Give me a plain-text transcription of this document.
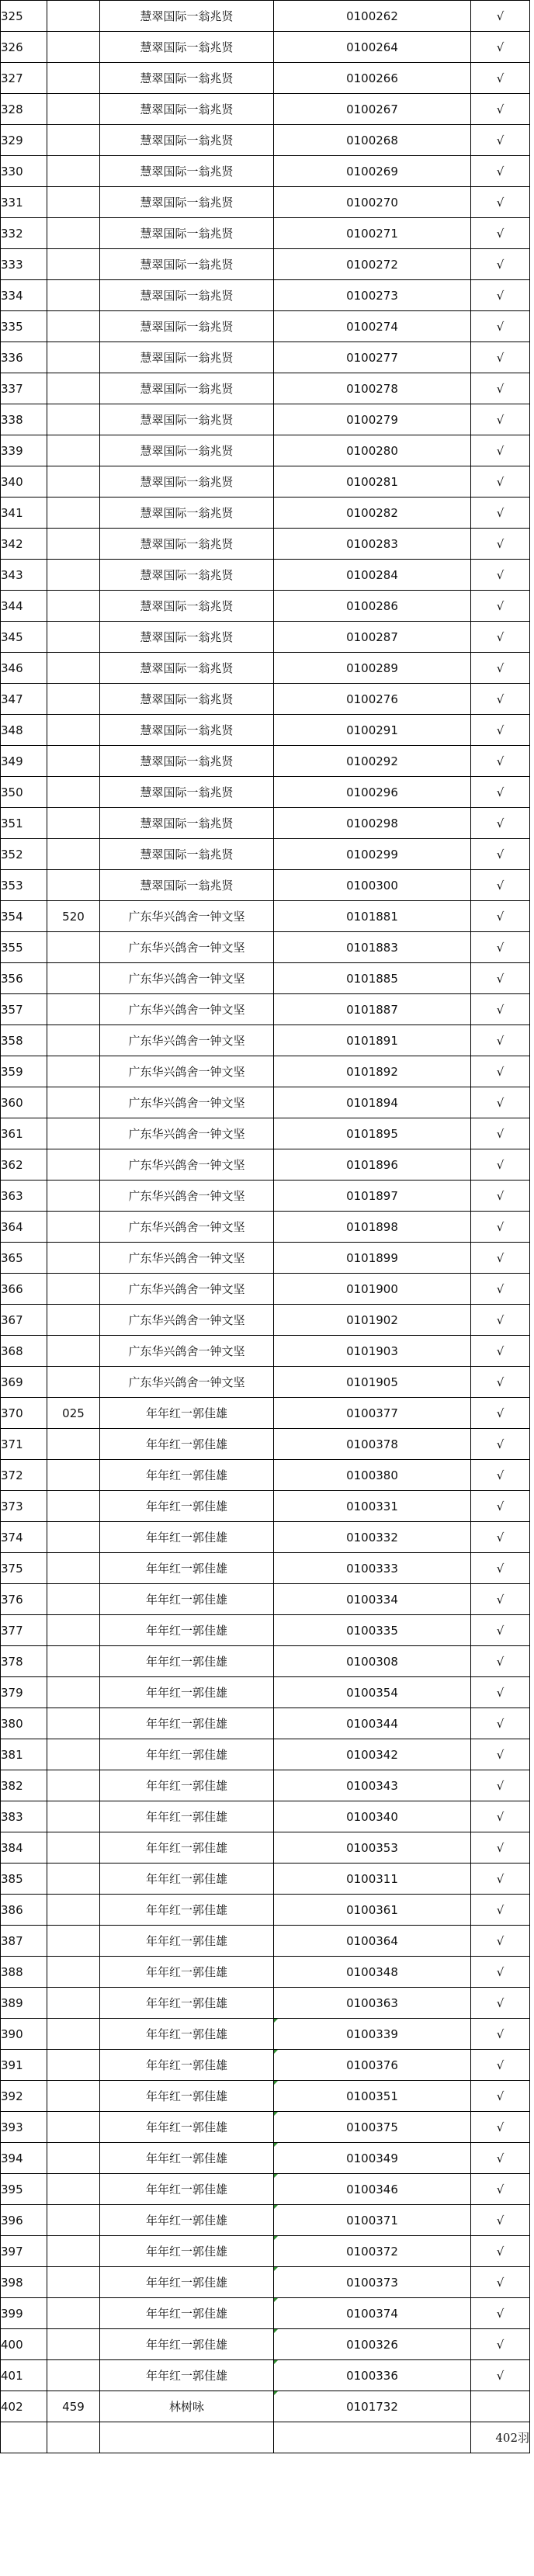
325		慧翠国际一翁兆贤	0100262	√
326		慧翠国际一翁兆贤	0100264	√
327		慧翠国际一翁兆贤	0100266	√
328		慧翠国际一翁兆贤	0100267	√
329		慧翠国际一翁兆贤	0100268	√
330		慧翠国际一翁兆贤	0100269	√
331		慧翠国际一翁兆贤	0100270	√
332		慧翠国际一翁兆贤	0100271	√
333		慧翠国际一翁兆贤	0100272	√
334		慧翠国际一翁兆贤	0100273	√
335		慧翠国际一翁兆贤	0100274	√
336		慧翠国际一翁兆贤	0100277	√
337		慧翠国际一翁兆贤	0100278	√
338		慧翠国际一翁兆贤	0100279	√
339		慧翠国际一翁兆贤	0100280	√
340		慧翠国际一翁兆贤	0100281	√
341		慧翠国际一翁兆贤	0100282	√
342		慧翠国际一翁兆贤	0100283	√
343		慧翠国际一翁兆贤	0100284	√
344		慧翠国际一翁兆贤	0100286	√
345		慧翠国际一翁兆贤	0100287	√
346		慧翠国际一翁兆贤	0100289	√
347		慧翠国际一翁兆贤	0100276	√
348		慧翠国际一翁兆贤	0100291	√
349		慧翠国际一翁兆贤	0100292	√
350		慧翠国际一翁兆贤	0100296	√
351		慧翠国际一翁兆贤	0100298	√
352		慧翠国际一翁兆贤	0100299	√
353		慧翠国际一翁兆贤	0100300	√
354	520	广东华兴鸽舍一钟文坚	0101881	√
355		广东华兴鸽舍一钟文坚	0101883	√
356		广东华兴鸽舍一钟文坚	0101885	√
357		广东华兴鸽舍一钟文坚	0101887	√
358		广东华兴鸽舍一钟文坚	0101891	√
359		广东华兴鸽舍一钟文坚	0101892	√
360		广东华兴鸽舍一钟文坚	0101894	√
361		广东华兴鸽舍一钟文坚	0101895	√
362		广东华兴鸽舍一钟文坚	0101896	√
363		广东华兴鸽舍一钟文坚	0101897	√
364		广东华兴鸽舍一钟文坚	0101898	√
365		广东华兴鸽舍一钟文坚	0101899	√
366		广东华兴鸽舍一钟文坚	0101900	√
367		广东华兴鸽舍一钟文坚	0101902	√
368		广东华兴鸽舍一钟文坚	0101903	√
369		广东华兴鸽舍一钟文坚	0101905	√
370	025	年年红一郭佳雄	0100377	√
371		年年红一郭佳雄	0100378	√
372		年年红一郭佳雄	0100380	√
373		年年红一郭佳雄	0100331	√
374		年年红一郭佳雄	0100332	√
375		年年红一郭佳雄	0100333	√
376		年年红一郭佳雄	0100334	√
377		年年红一郭佳雄	0100335	√
378		年年红一郭佳雄	0100308	√
379		年年红一郭佳雄	0100354	√
380		年年红一郭佳雄	0100344	√
381		年年红一郭佳雄	0100342	√
382		年年红一郭佳雄	0100343	√
383		年年红一郭佳雄	0100340	√
384		年年红一郭佳雄	0100353	√
385		年年红一郭佳雄	0100311	√
386		年年红一郭佳雄	0100361	√
387		年年红一郭佳雄	0100364	√
388		年年红一郭佳雄	0100348	√
389		年年红一郭佳雄	0100363	√
390		年年红一郭佳雄	0100339	√
391		年年红一郭佳雄	0100376	√
392		年年红一郭佳雄	0100351	√
393		年年红一郭佳雄	0100375	√
394		年年红一郭佳雄	0100349	√
395		年年红一郭佳雄	0100346	√
396		年年红一郭佳雄	0100371	√
397		年年红一郭佳雄	0100372	√
398		年年红一郭佳雄	0100373	√
399		年年红一郭佳雄	0100374	√
400		年年红一郭佳雄	0100326	√
401		年年红一郭佳雄	0100336	√
402	459	林树咏	0101732	
				402羽
